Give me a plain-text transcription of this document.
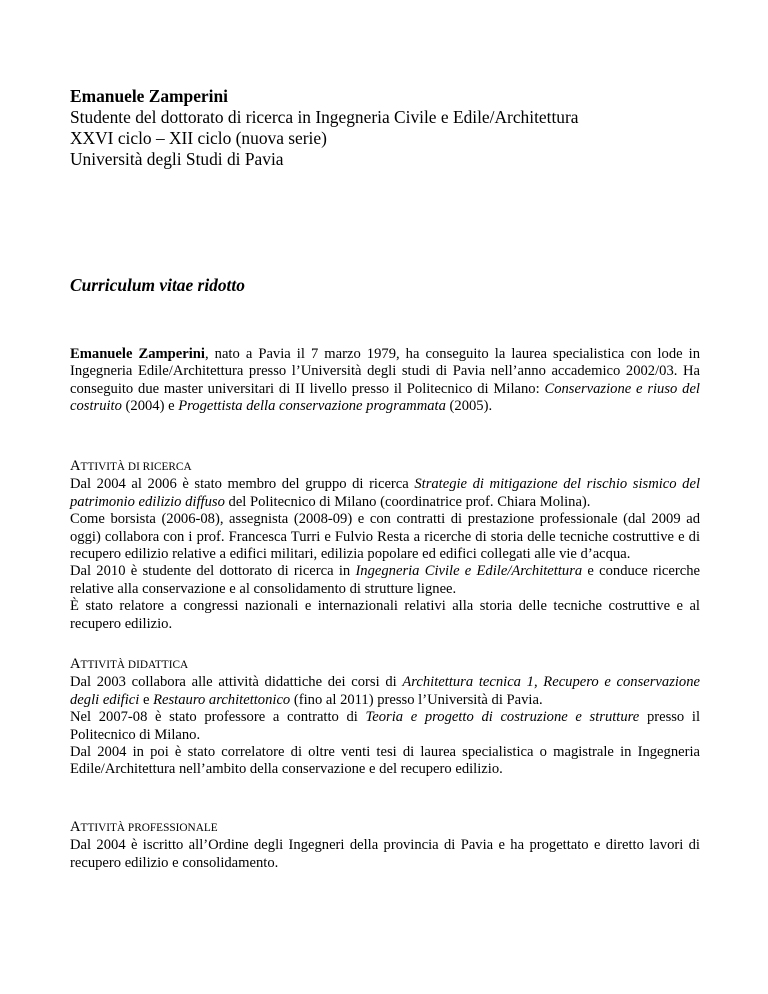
Emanuele Zamperini
Studente del dottorato di ricerca in Ingegneria Civile e Edile/Architettura
XXVI ciclo – XII ciclo (nuova serie)
Università degli Studi di Pavia
Curriculum vitae ridotto
Emanuele Zamperini, nato a Pavia il 7 marzo 1979, ha conseguito la laurea specialistica con lode in Ingegneria Edile/Architettura presso l’Università degli studi di Pavia nell’anno accademico 2002/03. Ha conseguito due master universitari di II livello presso il Politecnico di Milano: Conservazione e riuso del costruito (2004) e Progettista della conservazione programmata (2005).
ATTIVITÀ DI RICERCA
Dal 2004 al 2006 è stato membro del gruppo di ricerca Strategie di mitigazione del rischio sismico del patrimonio edilizio diffuso del Politecnico di Milano (coordinatrice prof. Chiara Molina).
Come borsista (2006-08), assegnista (2008-09) e con contratti di prestazione professionale (dal 2009 ad oggi) collabora con i prof. Francesca Turri e Fulvio Resta a ricerche di storia delle tecniche costruttive e di recupero edilizio relative a edifici militari, edilizia popolare ed edifici collegati alle vie d’acqua.
Dal 2010 è studente del dottorato di ricerca in Ingegneria Civile e Edile/Architettura e conduce ricerche relative alla conservazione e al consolidamento di strutture lignee.
È stato relatore a congressi nazionali e internazionali relativi alla storia delle tecniche costruttive e al recupero edilizio.
ATTIVITÀ DIDATTICA
Dal 2003 collabora alle attività didattiche dei corsi di Architettura tecnica 1, Recupero e conservazione degli edifici e Restauro architettonico (fino al 2011) presso l’Università di Pavia.
Nel 2007-08 è stato professore a contratto di Teoria e progetto di costruzione e strutture presso il Politecnico di Milano.
Dal 2004 in poi è stato correlatore di oltre venti tesi di laurea specialistica o magistrale in Ingegneria Edile/Architettura nell’ambito della conservazione e del recupero edilizio.
ATTIVITÀ PROFESSIONALE
Dal 2004 è iscritto all’Ordine degli Ingegneri della provincia di Pavia e ha progettato e diretto lavori di recupero edilizio e consolidamento.
